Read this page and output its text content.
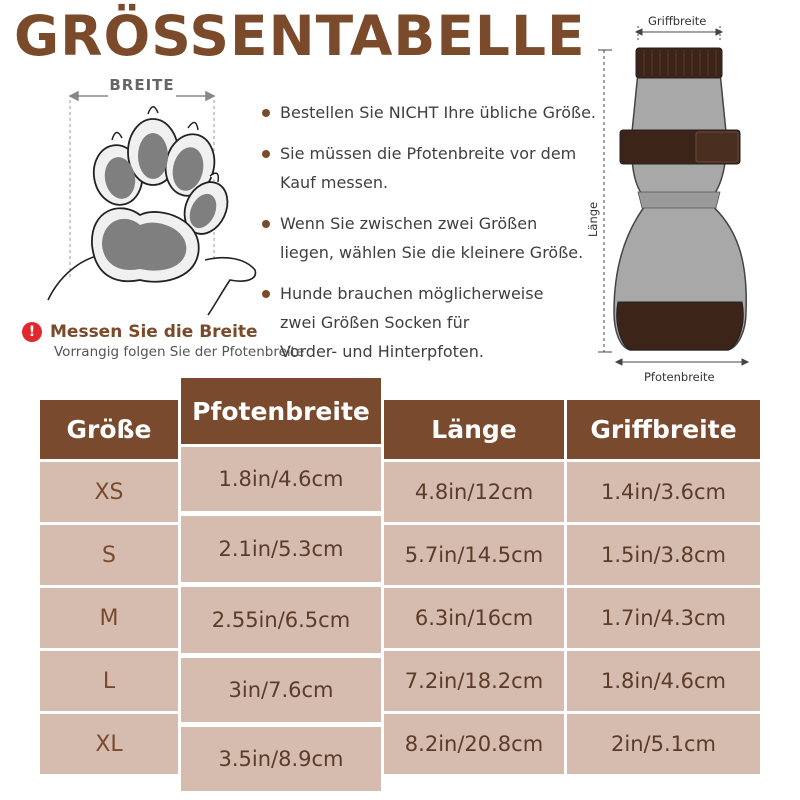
GRÖSSENTABELLE
BREITE
Bestellen Sie NICHT Ihre übliche Größe.
Sie müssen die Pfotenbreite vor dem
Kauf messen.
Wenn Sie zwischen zwei Größen
liegen, wählen Sie die kleinere Größe.
Hunde brauchen möglicherweise
zwei Größen Socken für
Vorder- und Hinterpfoten.
! Messen Sie die Breite
Vorrangig folgen Sie der Pfotenbreite
Griffbreite
Länge
Pfotenbreite
Größe
Pfotenbreite
Länge	Griffbreite
XS
S
M
L
XL
1.8in/4.6cm
2.1in/5.3cm
2.55in/6.5cm
3in/7.6cm
3.5in/8.9cm
4.8in/12cm
5.7in/14.5cm
6.3in/16cm
7.2in/18.2cm
8.2in/20.8cm
1.4in/3.6cm
1.5in/3.8cm
1.7in/4.3cm
1.8in/4.6cm
2in/5.1cm
